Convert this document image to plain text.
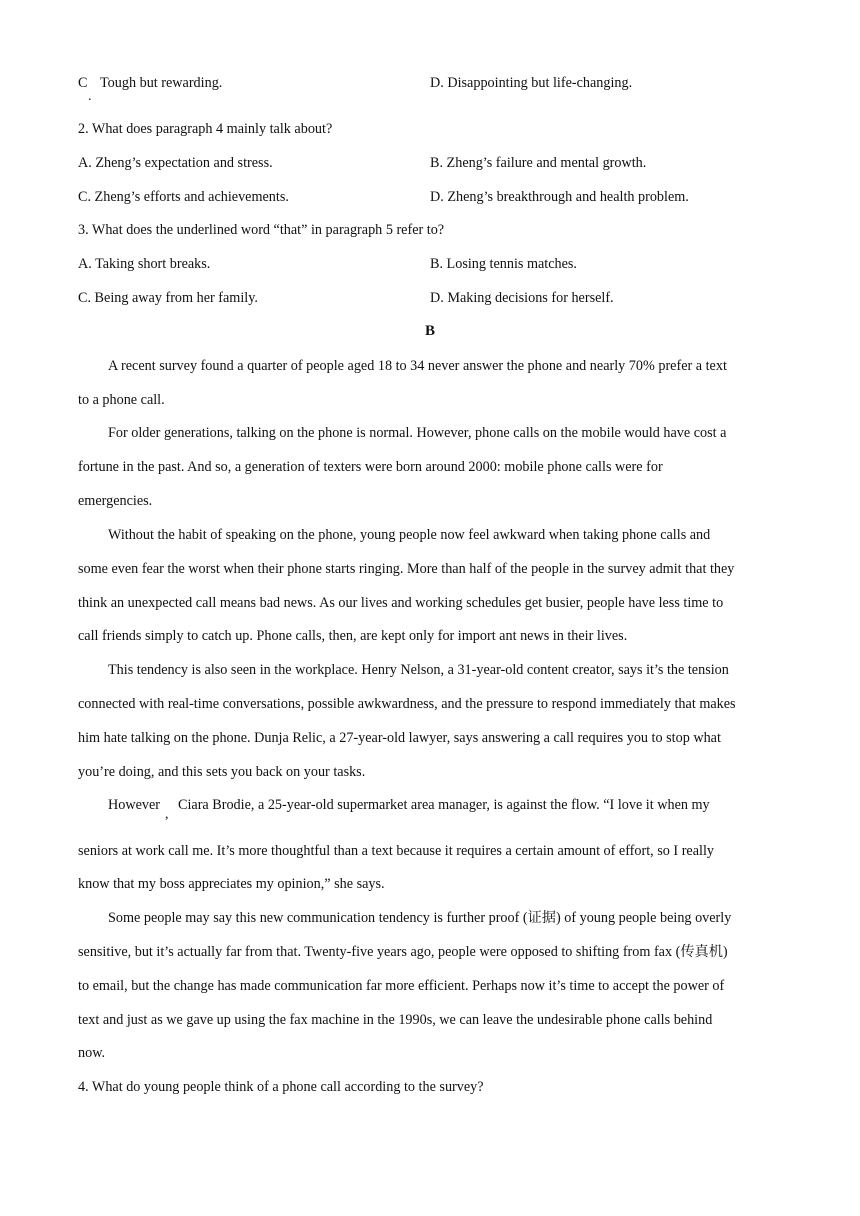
C
.
Tough but rewarding.	D. Disappointing but life-changing.
2. What does paragraph 4 mainly talk about?
A. Zheng’s expectation and stress.	B. Zheng’s failure and mental growth.
C. Zheng’s efforts and achievements.	D. Zheng’s breakthrough and health problem.
3. What does the underlined word “that” in paragraph 5 refer to?
A. Taking short breaks.	B. Losing tennis matches.
C. Being away from her family.	D. Making decisions for herself.
B
A recent survey found a quarter of people aged 18 to 34 never answer the phone and nearly 70% prefer a text
to a phone call.
For older generations, talking on the phone is normal. However, phone calls on the mobile would have cost a
fortune in the past. And so, a generation of texters were born around 2000: mobile phone calls were for
emergencies.
Without the habit of speaking on the phone, young people now feel awkward when taking phone calls and
some even fear the worst when their phone starts ringing. More than half of the people in the survey admit that they
think an unexpected call means bad news. As our lives and working schedules get busier, people have less time to
call friends simply to catch up. Phone calls, then, are kept only for import ant news in their lives.
This tendency is also seen in the workplace. Henry Nelson, a 31-year-old content creator, says it’s the tension
connected with real-time conversations, possible awkwardness, and the pressure to respond immediately that makes
him hate talking on the phone. Dunja Relic, a 27-year-old lawyer, says answering a call requires you to stop what
you’re doing, and this sets you back on your tasks.
However
,
Ciara Brodie, a 25-year-old supermarket area manager, is against the flow. “I love it when my
seniors at work call me. It’s more thoughtful than a text because it requires a certain amount of effort, so I really
know that my boss appreciates my opinion,” she says.
Some people may say this new communication tendency is further proof (证据) of young people being overly
sensitive, but it’s actually far from that. Twenty-five years ago, people were opposed to shifting from fax (传真机)
to email, but the change has made communication far more efficient. Perhaps now it’s time to accept the power of
text and just as we gave up using the fax machine in the 1990s, we can leave the undesirable phone calls behind
now.
4. What do young people think of a phone call according to the survey?
